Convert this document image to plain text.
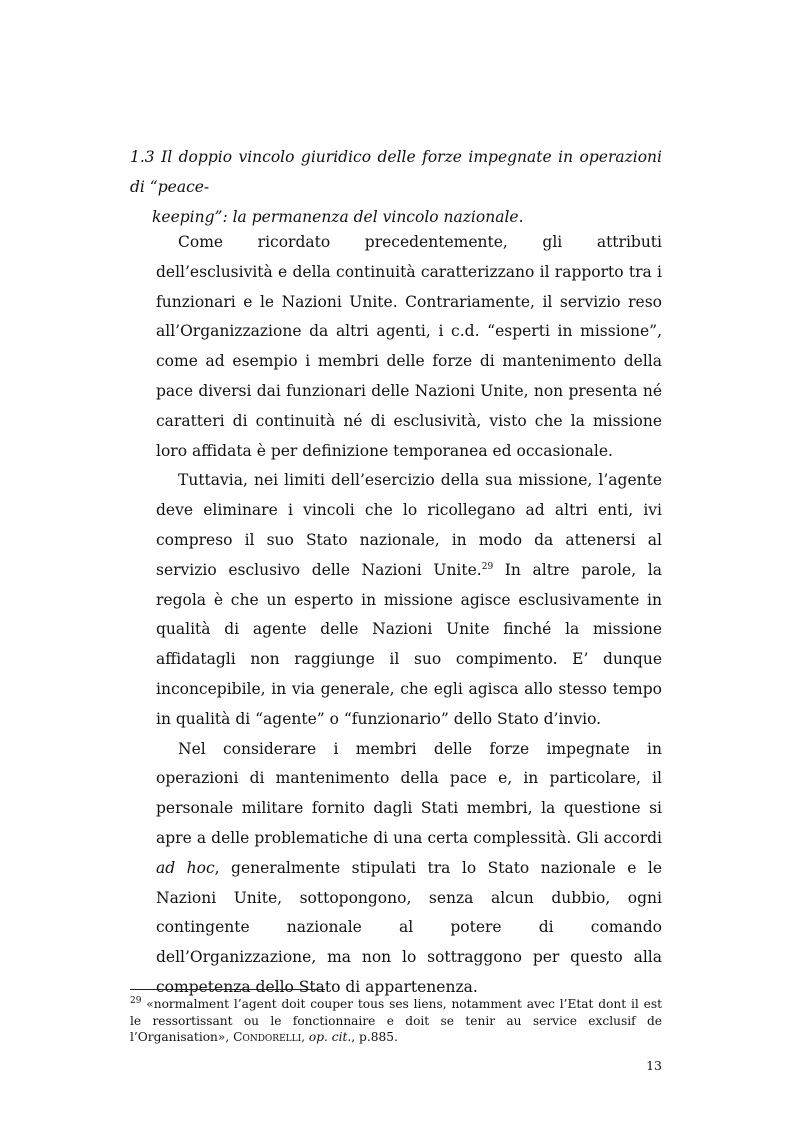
1.3 Il doppio vincolo giuridico delle forze impegnate in operazioni di “peace-
keeping”: la permanenza del vincolo nazionale.

Come ricordato precedentemente, gli attributi dell’esclusività e della continuità caratterizzano il rapporto tra i funzionari e le Nazioni Unite. Contrariamente, il servizio reso all’Organizzazione da altri agenti, i c.d. “esperti in missione”, come ad esempio i membri delle forze di mantenimento della pace diversi dai funzionari delle Nazioni Unite, non presenta né caratteri di continuità né di esclusività, visto che la missione loro affidata è per definizione temporanea ed occasionale.

Tuttavia, nei limiti dell’esercizio della sua missione, l’agente deve eliminare i vincoli che lo ricollegano ad altri enti, ivi compreso il suo Stato nazionale, in modo da attenersi al servizio esclusivo delle Nazioni Unite.$^{29}$ In altre parole, la regola è che un esperto in missione agisce esclusivamente in qualità di agente delle Nazioni Unite finché la missione affidatagli non raggiunge il suo compimento. E’ dunque inconcepibile, in via generale, che egli agisca allo stesso tempo in qualità di “agente” o “funzionario” dello Stato d’invio.

Nel considerare i membri delle forze impegnate in operazioni di mantenimento della pace e, in particolare, il personale militare fornito dagli Stati membri, la questione si apre a delle problematiche di una certa complessità. Gli accordi ad hoc, generalmente stipulati tra lo Stato nazionale e le Nazioni Unite, sottopongono, senza alcun dubbio, ogni contingente nazionale al potere di comando dell’Organizzazione, ma non lo sottraggono per questo alla competenza dello Stato di appartenenza.

$^{29}$ «normalment l’agent doit couper tous ses liens, notamment avec l’Etat dont il est le ressortissant ou le fonctionnaire e doit se tenir au service exclusif de l’Organisation», Condorelli, op. cit., p.885.
13
